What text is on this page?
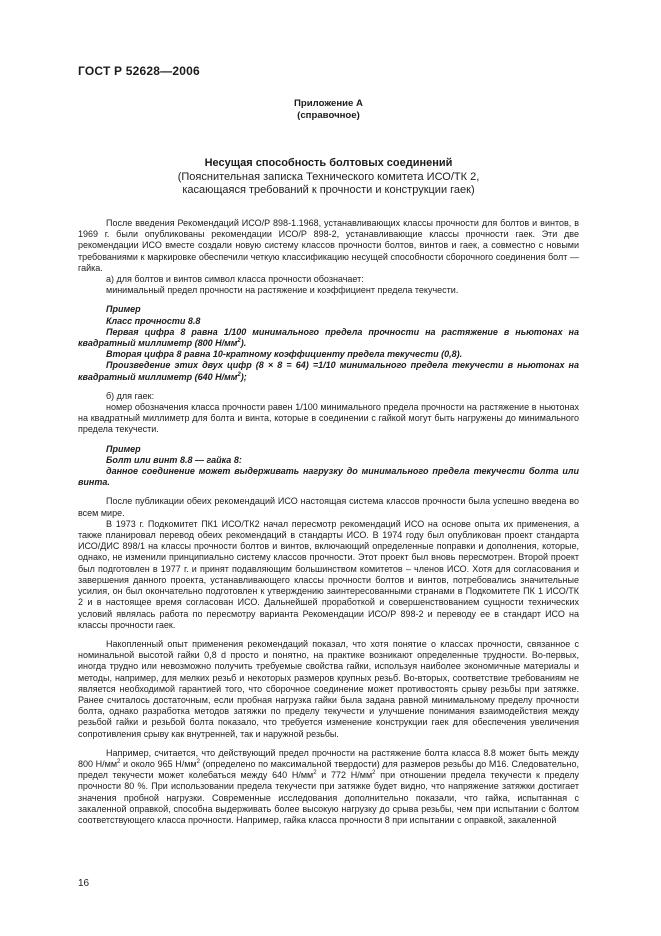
ГОСТ Р 52628—2006
Приложение А
(справочное)
Несущая способность болтовых соединений
(Пояснительная записка Технического комитета ИСО/ТК 2,
касающаяся требований к прочности и конструкции гаек)

После введения Рекомендаций ИСО/Р 898-1.1968, устанавливающих классы прочности для болтов и винтов, в 1969 г. были опубликованы рекомендации ИСО/Р 898-2, устанавливающие классы прочности гаек. Эти две рекомендации ИСО вместе создали новую систему классов прочности болтов, винтов и гаек, а совместно с новыми требованиями к маркировке обеспечили четкую классификацию несущей способности сборочного соединения болт — гайка.

а) для болтов и винтов символ класса прочности обозначает:

минимальный предел прочности на растяжение и коэффициент предела текучести.

Пример

Класс прочности 8.8

Первая цифра 8 равна 1/100 минимального предела прочности на растяжение в ньютонах на квадратный миллиметр (800 $Н/мм^2$).

Вторая цифра 8 равна 10-кратному коэффициенту предела текучести (0,8).

Произведение этих двух цифр (8 × 8 = 64) =1/10 минимального предела текучести в ньютонах на квадратный миллиметр (640 $Н/мм^2$);

б) для гаек:

номер обозначения класса прочности равен 1/100 минимального предела прочности на растяжение в ньютонах на квадратный миллиметр для болта и винта, которые в соединении с гайкой могут быть нагружены до минимального предела текучести.

Пример

Болт или винт 8.8 — гайка 8:

данное соединение может выдерживать нагрузку до минимального предела текучести болта или винта.

После публикации обеих рекомендаций ИСО настоящая система классов прочности была успешно введена во всем мире.

В 1973 г. Подкомитет ПК1 ИСО/ТК2 начал пересмотр рекомендаций ИСО на основе опыта их применения, а также планировал перевод обеих рекомендаций в стандарты ИСО. В 1974 году был опубликован проект стандарта ИСО/ДИС 898/1 на классы прочности болтов и винтов, включающий определенные поправки и дополнения, которые, однако, не изменили принципиально систему классов прочности. Этот проект был вновь пересмотрен. Второй проект был подготовлен в 1977 г. и принят подавляющим большинством комитетов – членов ИСО. Хотя для согласования и завершения данного проекта, устанавливающего классы прочности болтов и винтов, потребовались значительные усилия, он был окончательно подготовлен к утверждению заинтересованными странами в Подкомитете ПК 1 ИСО/ТК 2 и в настоящее время согласован ИСО. Дальнейшей проработкой и совершенствованием сущности технических условий являлась работа по пересмотру варианта Рекомендации ИСО/Р 898-2 и переводу ее в стандарт ИСО на классы прочности гаек.

Накопленный опыт применения рекомендаций показал, что хотя понятие о классах прочности, связанное с номинальной высотой гайки 0,8 d просто и понятно, на практике возникают определенные трудности. Во-первых, иногда трудно или невозможно получить требуемые свойства гайки, используя наиболее экономичные материалы и методы, например, для мелких резьб и некоторых размеров крупных резьб. Во-вторых, соответствие требованиям не является необходимой гарантией того, что сборочное соединение может противостоять срыву резьбы при затяжке. Ранее считалось достаточным, если пробная нагрузка гайки была задана равной минимальному пределу прочности болта, однако разработка методов затяжки по пределу текучести и улучшение понимания взаимодействия между резьбой гайки и резьбой болта показало, что требуется изменение конструкции гаек для обеспечения увеличения сопротивления срыву как внутренней, так и наружной резьбы.

Например, считается, что действующий предел прочности на растяжение болта класса 8.8 может быть между 800 $Н/мм^2$ и около 965 $Н/мм^2$ (определено по максимальной твердости) для размеров резьбы до М16. Следовательно, предел текучести может колебаться между 640 $Н/мм^2$ и 772 $Н/мм^2$ при отношении предела текучести к пределу прочности 80 %. При использовании предела текучести при затяжке будет видно, что напряжение затяжки достигает значения пробной нагрузки. Современные исследования дополнительно показали, что гайка, испытанная с закаленной оправкой, способна выдерживать более высокую нагрузку до срыва резьбы, чем при испытании с болтом соответствующего класса прочности. Например, гайка класса прочности 8 при испытании с оправкой, закаленной

16
